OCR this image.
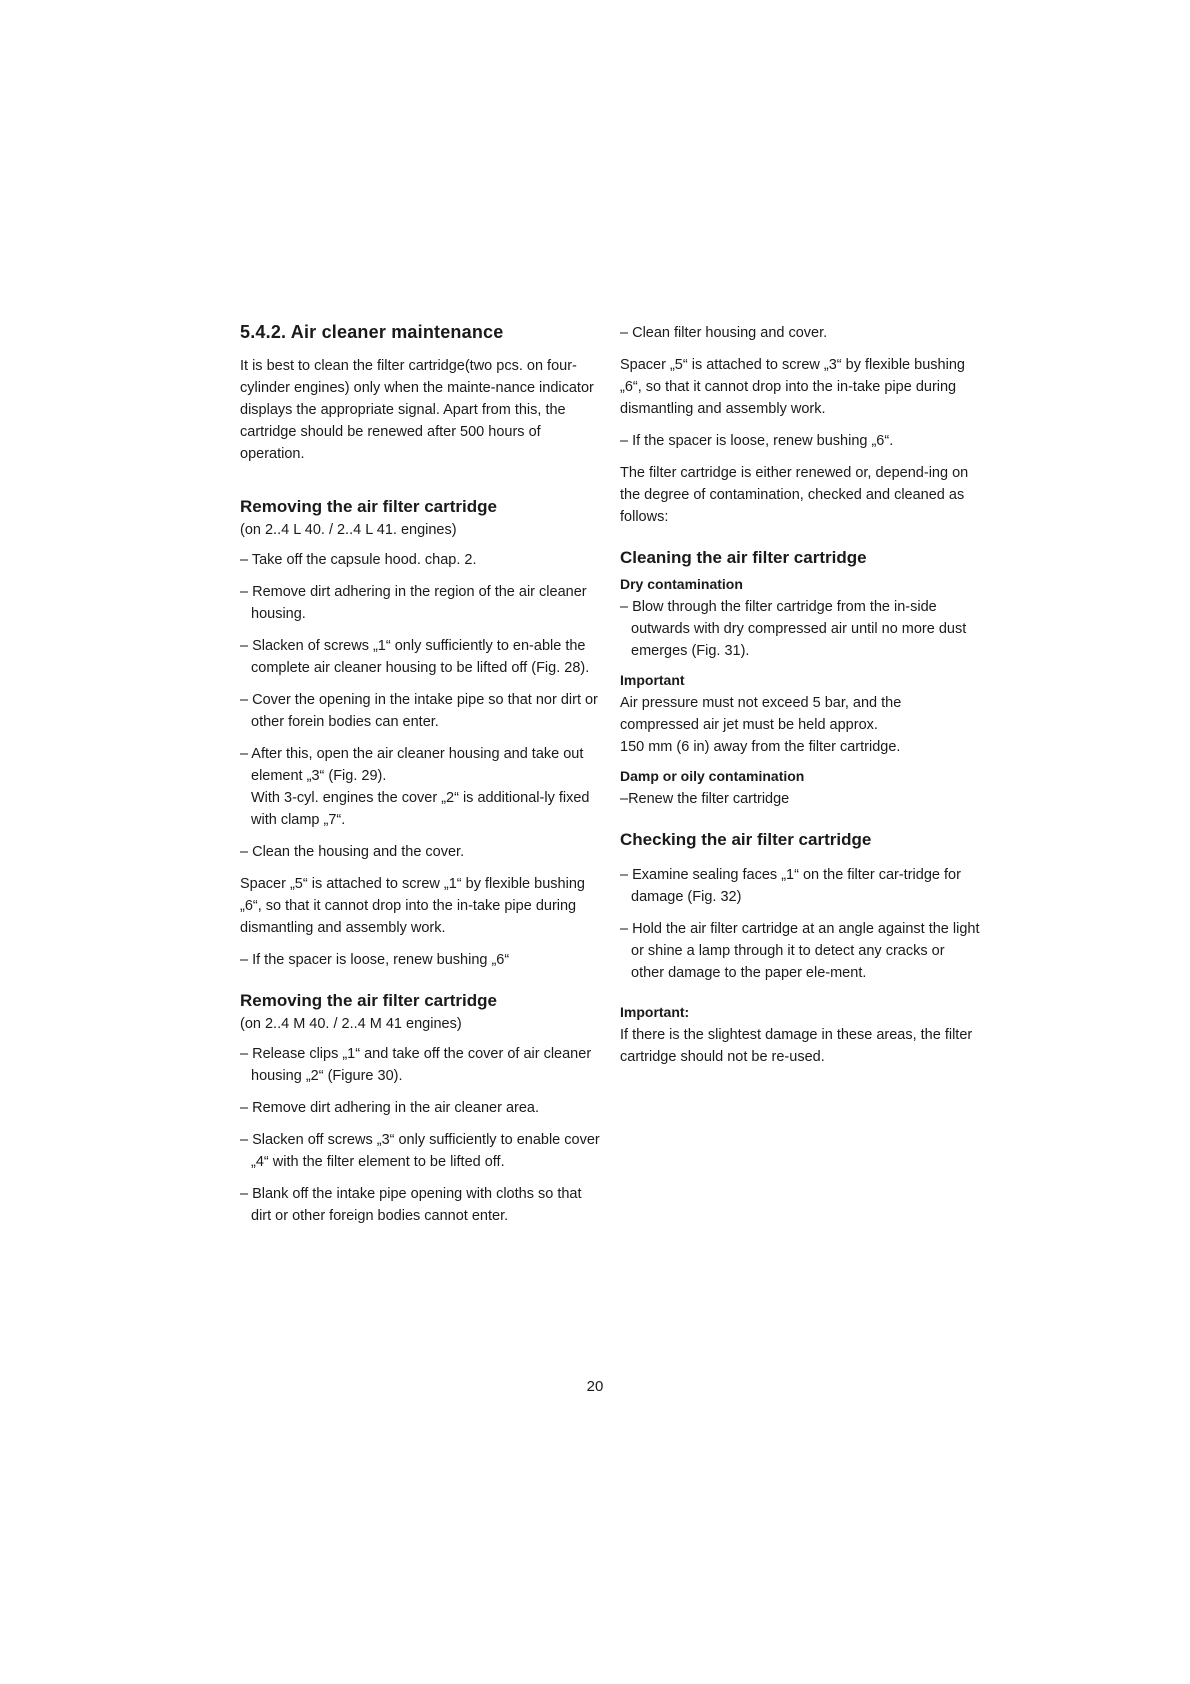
5.4.2. Air cleaner maintenance
It is best to clean the filter cartridge(two pcs. on four-cylinder engines) only when the mainte-nance indicator displays the appropriate signal. Apart from this, the cartridge should be renewed after 500 hours of operation.
Removing the air filter cartridge
(on 2..4 L 40. / 2..4 L 41. engines)
– Take off the capsule hood. chap. 2.
– Remove dirt adhering in the region of the air cleaner housing.
– Slacken of screws „1“ only sufficiently to en-able the complete air cleaner housing to be lifted off (Fig. 28).
– Cover the opening in the intake pipe so that nor dirt or other forein bodies can enter.
– After this, open the air cleaner housing and take out element „3“ (Fig. 29).
With 3-cyl. engines the cover „2“ is additional-ly fixed with clamp „7“.
– Clean the housing and the cover.
Spacer „5“ is attached to screw „1“ by flexible bushing „6“, so that it cannot drop into the in-take pipe during dismantling and assembly work.
– If the spacer is loose, renew bushing „6“
Removing the air filter cartridge
(on 2..4 M 40. / 2..4 M 41 engines)
– Release clips „1“ and take off the cover of air cleaner housing „2“ (Figure 30).
– Remove dirt adhering in the air cleaner area.
– Slacken off screws „3“ only sufficiently to enable cover „4“ with the filter element to be lifted off.
– Blank off the intake pipe opening with cloths so that dirt or other foreign bodies cannot enter.
– Clean filter housing and cover.
Spacer „5“ is attached to screw „3“ by flexible bushing „6“, so that it cannot drop into the in-take pipe during dismantling and assembly work.
– If the spacer is loose, renew bushing „6“.
The filter cartridge is either renewed or, depend-ing on the degree of contamination, checked and cleaned as follows:
Cleaning the air filter cartridge
Dry contamination
– Blow through the filter cartridge from the in-side outwards with dry compressed air until no more dust emerges (Fig. 31).
Important
Air pressure must not exceed 5 bar, and the compressed air jet must be held approx.
150 mm (6 in) away from the filter cartridge.
Damp or oily contamination
–Renew the filter cartridge
Checking the air filter cartridge
– Examine sealing faces „1“ on the filter car-tridge for damage (Fig. 32)
– Hold the air filter cartridge at an angle against the light or shine a lamp through it to detect any cracks or other damage to the paper ele-ment.
Important:
If there is the slightest damage in these areas, the filter cartridge should not be re-used.
20
